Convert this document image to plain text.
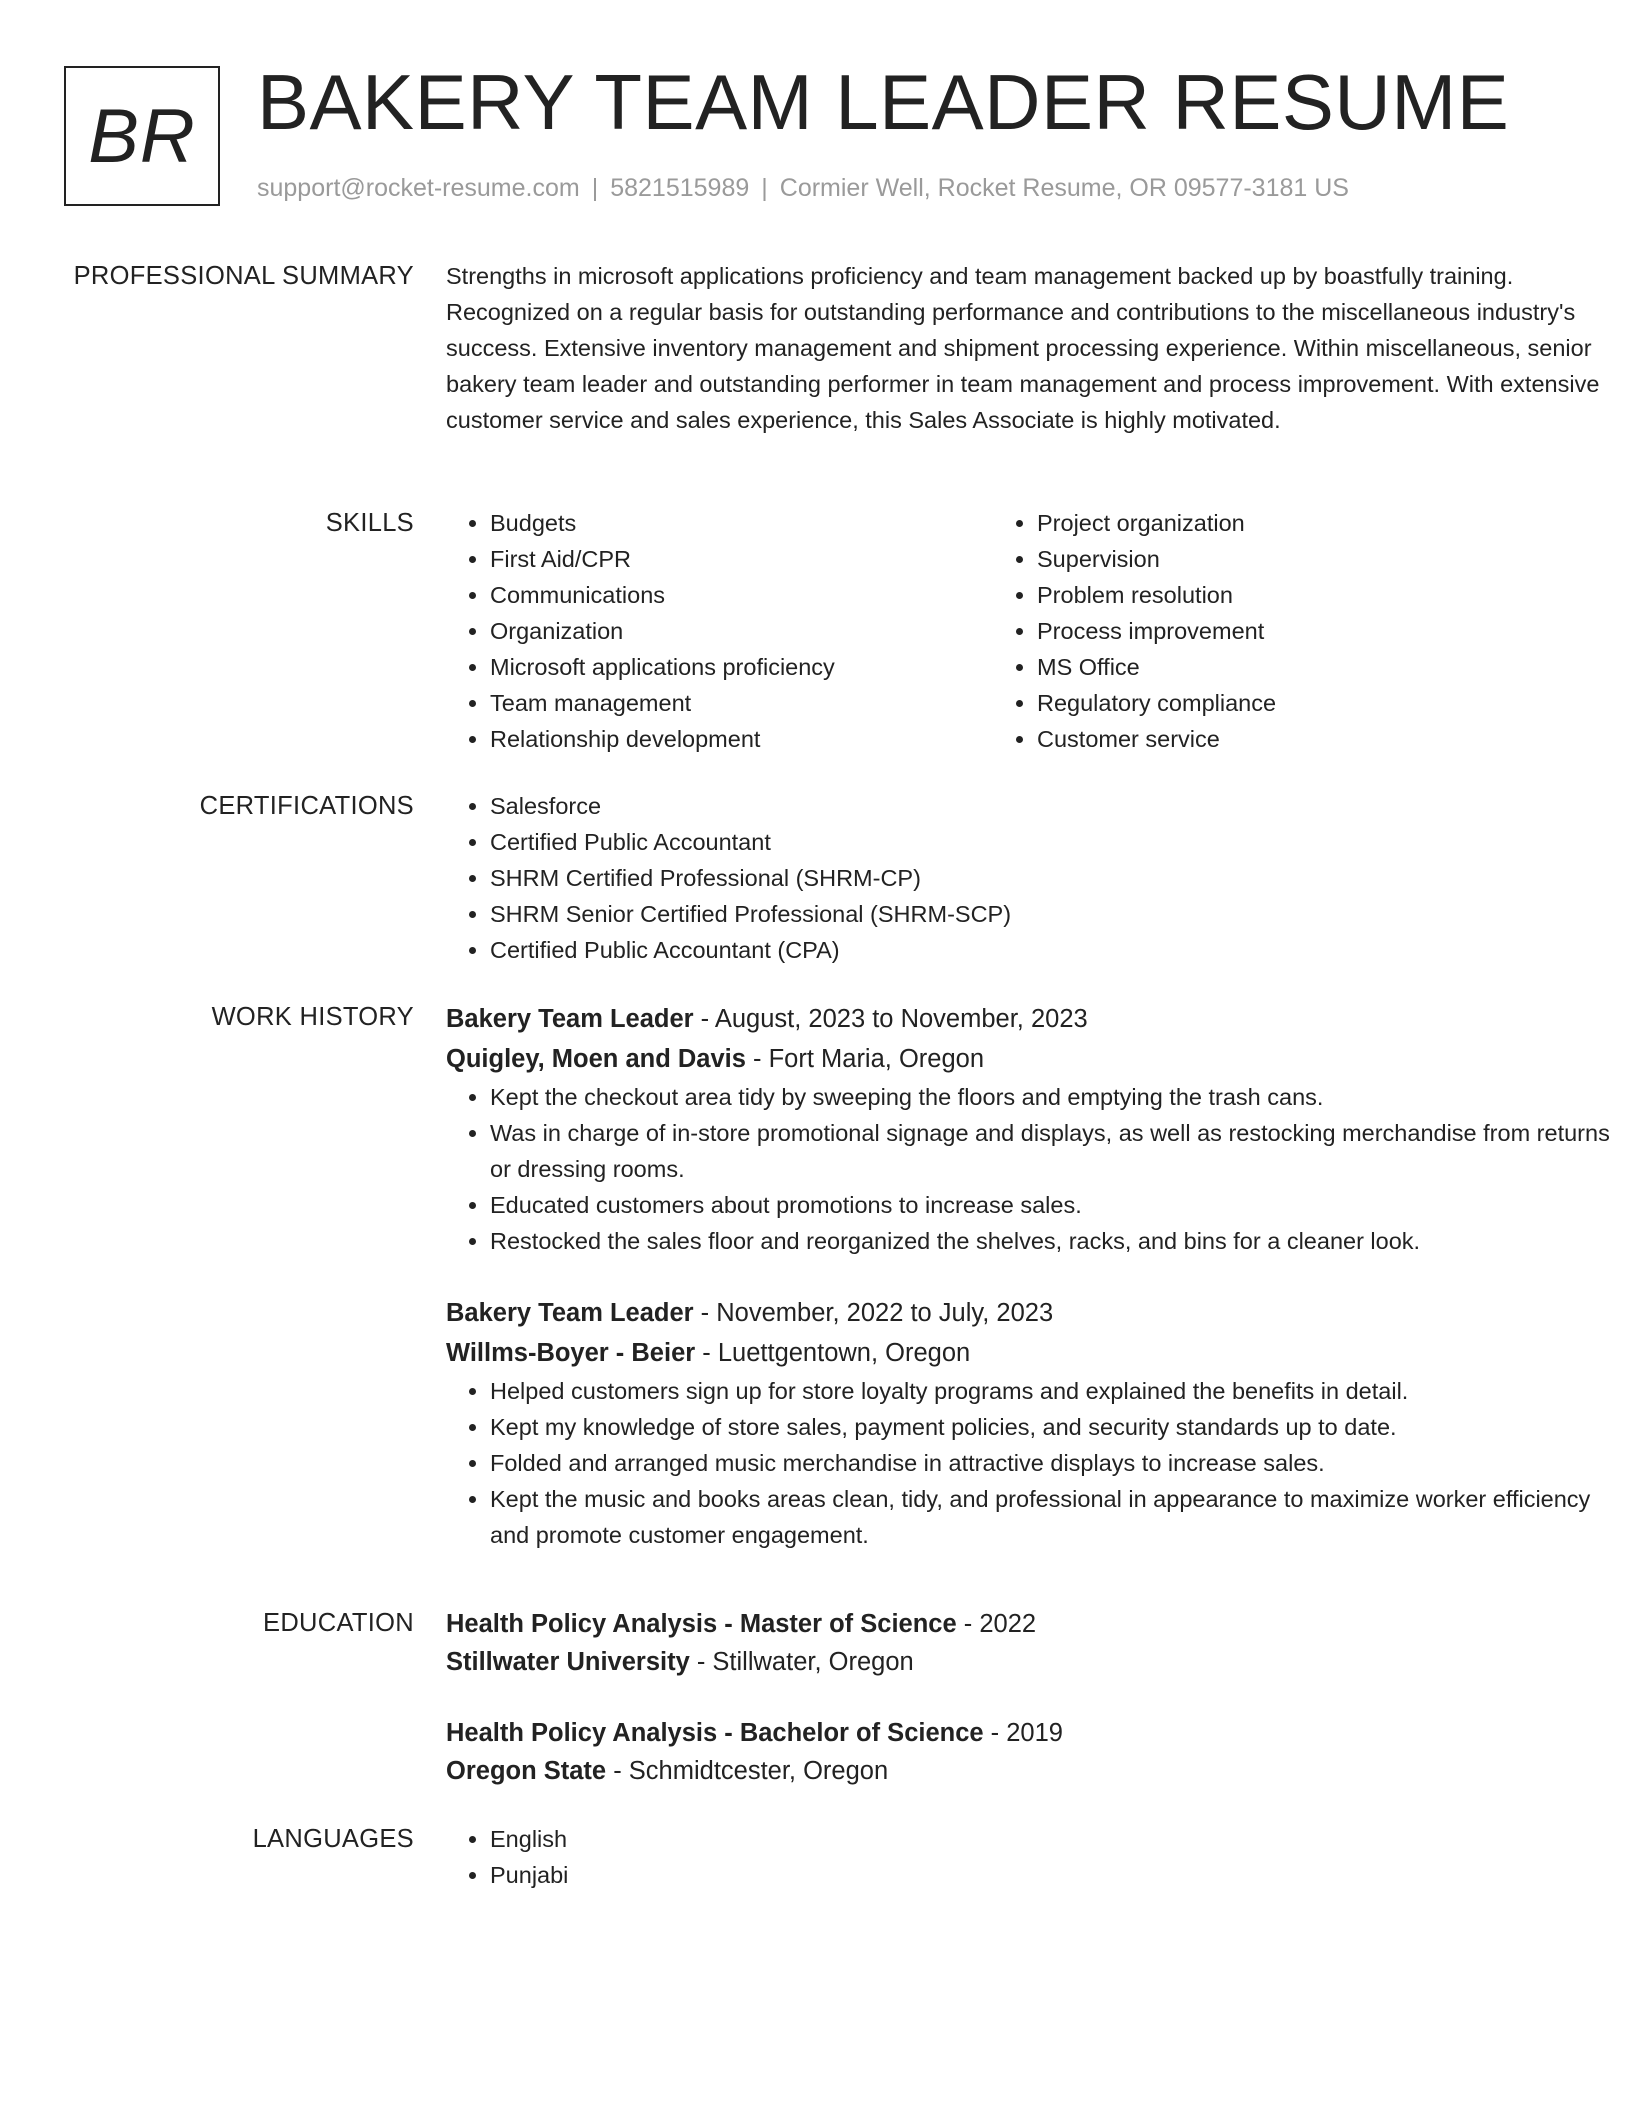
BR BAKERY TEAM LEADER RESUME
support@rocket-resume.com | 5821515989 | Cormier Well, Rocket Resume, OR 09577-3181 US
PROFESSIONAL SUMMARY Strengths in microsoft applications proficiency and team management backed up by boastfully training. Recognized on a regular basis for outstanding performance and contributions to the miscellaneous industry's success. Extensive inventory management and shipment processing experience. Within miscellaneous, senior bakery team leader and outstanding performer in team management and process improvement. With extensive customer service and sales experience, this Sales Associate is highly motivated.

SKILLS	• Budgets
• First Aid/CPR
• Communications
• Organization
• Microsoft applications proficiency
• Team management
• Relationship development
• Project organization
• Supervision
• Problem resolution
• Process improvement
• MS Office
• Regulatory compliance
• Customer service
CERTIFICATIONS	• Salesforce
• Certified Public Accountant
• SHRM Certified Professional (SHRM-CP)
• SHRM Senior Certified Professional (SHRM-SCP)
• Certified Public Accountant (CPA)
WORK HISTORY Bakery Team Leader - August, 2023 to November, 2023
Quigley, Moen and Davis - Fort Maria, Oregon
• Kept the checkout area tidy by sweeping the floors and emptying the trash cans.
• Was in charge of in-store promotional signage and displays, as well as restocking merchandise from returns or dressing rooms.
• Educated customers about promotions to increase sales.
• Restocked the sales floor and reorganized the shelves, racks, and bins for a cleaner look.
Bakery Team Leader - November, 2022 to July, 2023
Willms-Boyer - Beier - Luettgentown, Oregon
• Helped customers sign up for store loyalty programs and explained the benefits in detail.
• Kept my knowledge of store sales, payment policies, and security standards up to date.
• Folded and arranged music merchandise in attractive displays to increase sales.
• Kept the music and books areas clean, tidy, and professional in appearance to maximize worker efficiency and promote customer engagement.
EDUCATION Health Policy Analysis - Master of Science - 2022
Stillwater University - Stillwater, Oregon
Health Policy Analysis - Bachelor of Science - 2019
Oregon State - Schmidtcester, Oregon
LANGUAGES	• English
• Punjabi
